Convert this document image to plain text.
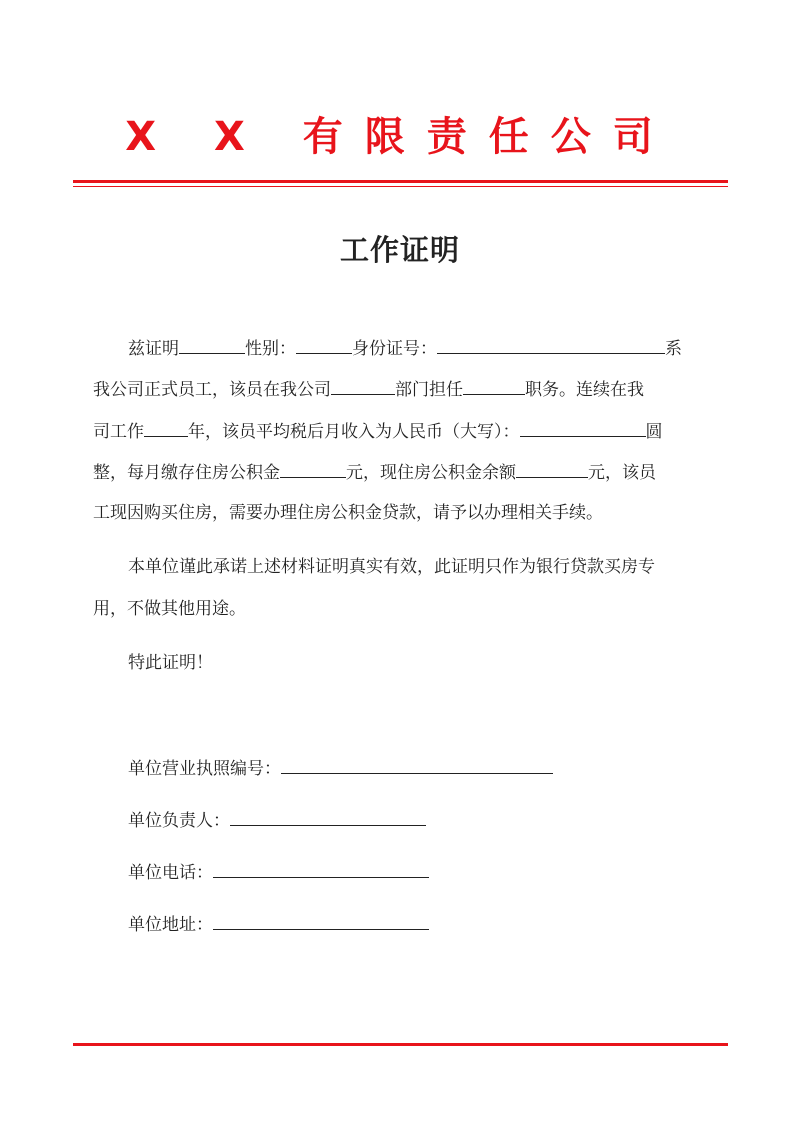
X X 有限责任公司
工作证明
兹证明	性别：	身份证号：	系
我公司正式员工，该员在我公司	部门担任	职务。连续在我
司工作	年，该员平均税后月收入为人民币（大写）：	圆
整，每月缴存住房公积金	元，现住房公积金余额	元，该员
工现因购买住房，需要办理住房公积金贷款，请予以办理相关手续。
本单位谨此承诺上述材料证明真实有效，此证明只作为银行贷款买房专
用，不做其他用途。
特此证明！
单位营业执照编号：
单位负责人：
单位电话：
单位地址：
